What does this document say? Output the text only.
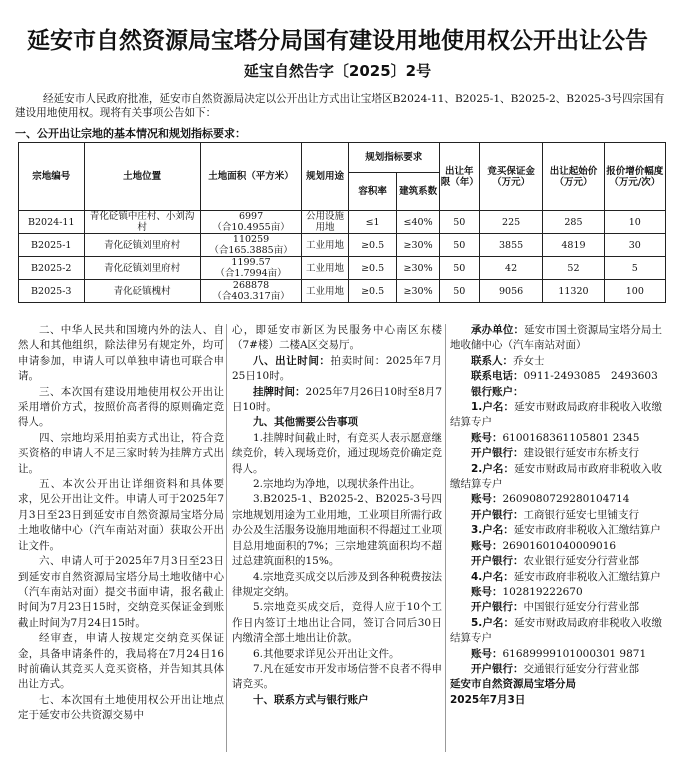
延安市自然资源局宝塔分局国有建设用地使用权公开出让公告
延宝自然告字〔2025〕2号
经延安市人民政府批准，延安市自然资源局决定以公开出让方式出让宝塔区B2024-11、B2025-1、B2025-2、B2025-3号四宗国有建设用地使用权。现将有关事项公告如下：
一、公开出让宗地的基本情况和规划指标要求：
宗地编号	土地位置	土地面积（平方米）	规划用途	规划指标要求		出让年限（年）	竞买保证金（万元）	出让起始价（万元）	报价增价幅度（万元/次）
				容积率	建筑系数				
B2024-11	青化砭镇中庄村、小刘沟村	6997
（合10.4955亩）	公用设施用地	≤1	≤40%	50	225	285	10
B2025-1	青化砭镇刘里府村	110259
（合165.3885亩）	工业用地	≥0.5	≥30%	50	3855	4819	30
B2025-2	青化砭镇刘里府村	1199.57
（合1.7994亩）	工业用地	≥0.5	≥30%	50	42	52	5
B2025-3	青化砭镇槐村	268878
（合403.317亩）	工业用地	≥0.5	≥30%	50	9056	11320	100

二、中华人民共和国境内外的法人、自然人和其他组织，除法律另有规定外，均可申请参加，申请人可以单独申请也可联合申请。

三、本次国有建设用地使用权公开出让采用增价方式，按照价高者得的原则确定竞得人。

四、宗地均采用拍卖方式出让，符合竞买资格的申请人不足三家时转为挂牌方式出让。

五、本次公开出让详细资料和具体要求，见公开出让文件。申请人可于2025年7月3日至23日到延安市自然资源局宝塔分局土地收储中心（汽车南站对面）获取公开出让文件。

六、申请人可于2025年7月3日至23日到延安市自然资源局宝塔分局土地收储中心（汽车南站对面）提交书面申请，报名截止时间为7月23日15时，交纳竞买保证金到账截止时间为7月24日15时。

经审查，申请人按规定交纳竞买保证金，具备申请条件的，我局将在7月24日16时前确认其竞买人竞买资格，并告知其具体出让方式。

七、本次国有土地使用权公开出让地点定于延安市公共资源交易中

心，即延安市新区为民服务中心南区东楼（7#楼）二楼A区交易厅。

八、出让时间：拍卖时间：2025年7月25日10时。

挂牌时间：2025年7月26日10时至8月7日10时。

九、其他需要公告事项

1.挂牌时间截止时，有竞买人表示愿意继续竞价，转入现场竞价，通过现场竞价确定竞得人。

2.宗地均为净地，以现状条件出让。

3.B2025-1、B2025-2、B2025-3号四宗地规划用途为工业用地，工业项目所需行政办公及生活服务设施用地面积不得超过工业项目总用地面积的7%；三宗地建筑面积均不超过总建筑面积的15%。

4.宗地竞买成交以后涉及到各种税费按法律规定交纳。

5.宗地竞买成交后，竞得人应于10个工作日内签订土地出让合同，签订合同后30日内缴清全部土地出让价款。

6.其他要求详见公开出让文件。

7.凡在延安市开发市场信誉不良者不得申请竞买。

十、联系方式与银行账户

承办单位：延安市国土资源局宝塔分局土地收储中心（汽车南站对面）

联系人：乔女士

联系电话：0911-2493085　2493603

银行账户：

1.户名：延安市财政局政府非税收入收缴结算专户

账号：6100168361105801 2345

开户银行：建设银行延安市东桥支行

2.户名：延安市财政局市政府非税收入收缴结算专户

账号：2609080729280104714

开户银行：工商银行延安七里铺支行

3.户名：延安市政府非税收入汇缴结算户

账号：26901601040009016

开户银行：农业银行延安分行营业部

4.户名：延安市政府非税收入汇缴结算户

账号：102819222670

开户银行：中国银行延安分行营业部

5.户名：延安市财政局政府非税收入收缴结算专户

账号：61689999101000301 9871

开户银行：交通银行延安分行营业部

延安市自然资源局宝塔分局

2025年7月3日
